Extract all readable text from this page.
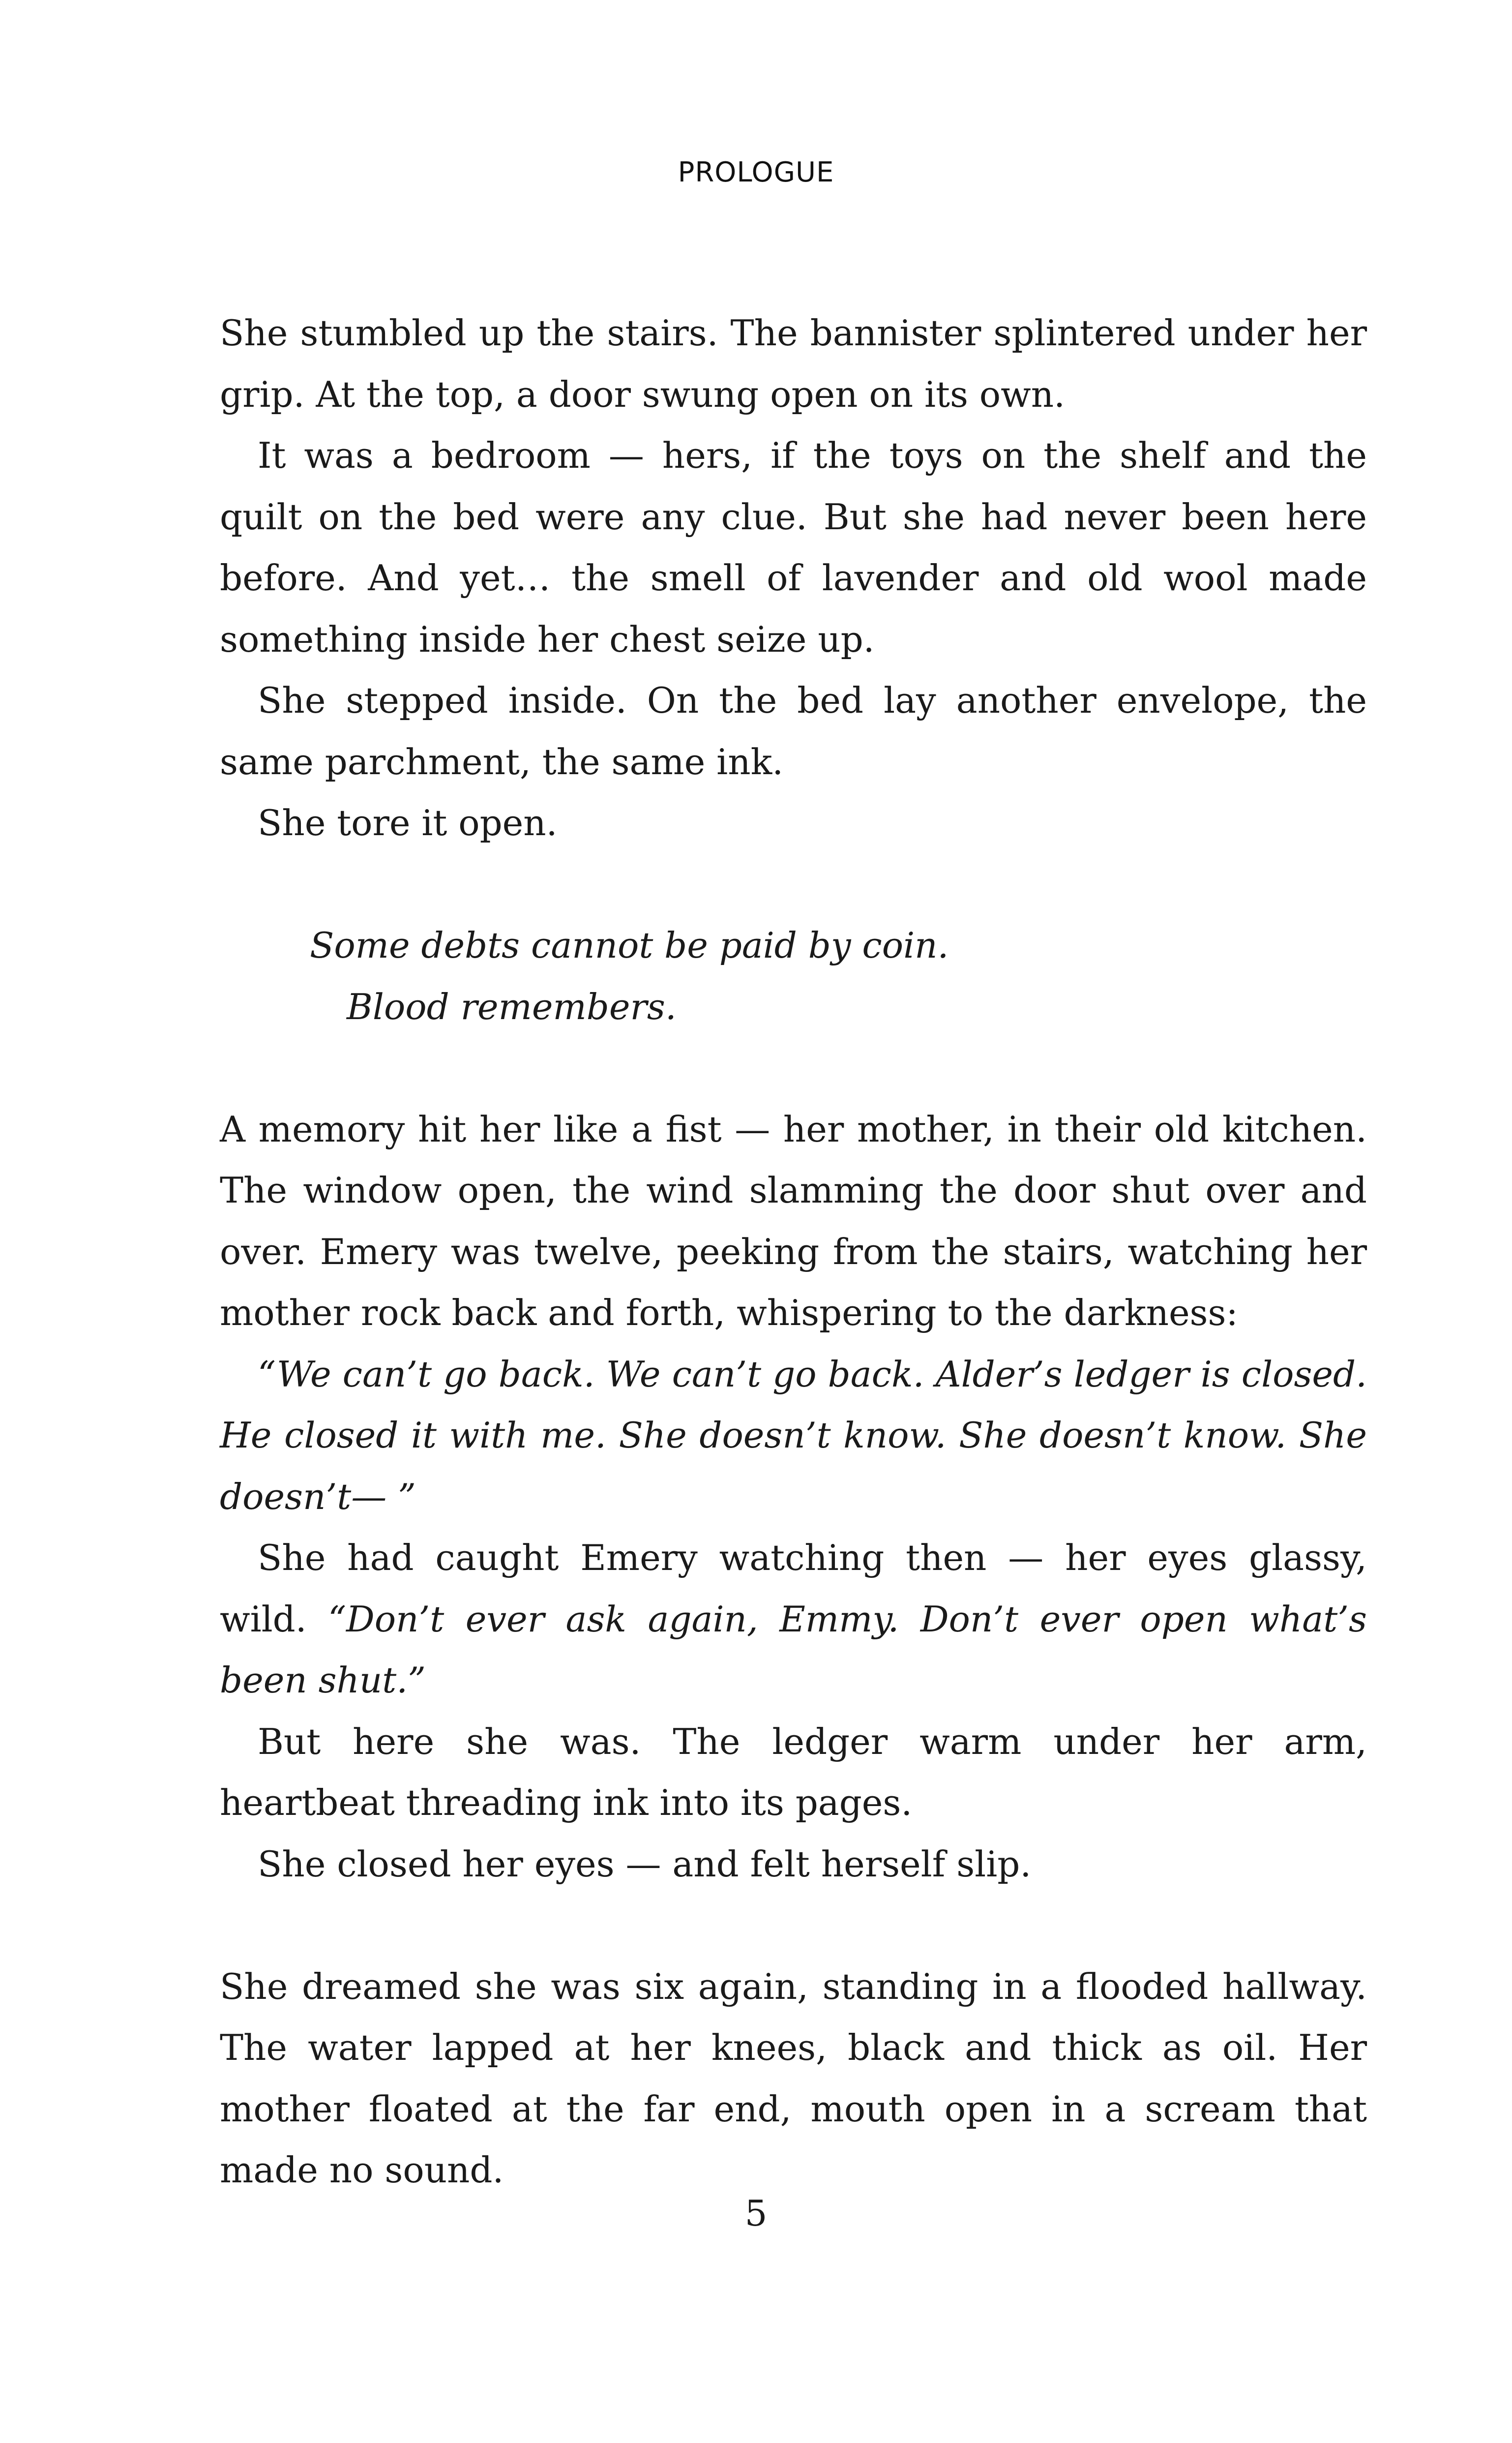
PROLOGUE

She stumbled up the stairs. The bannister splintered under her grip. At the top, a door swung open on its own.

It was a bedroom — hers, if the toys on the shelf and the quilt on the bed were any clue. But she had never been here before. And yet… the smell of lavender and old wool made something inside her chest seize up.

She stepped inside. On the bed lay another envelope, the same parchment, the same ink.

She tore it open.

Some debts cannot be paid by coin.
Blood remembers.

A memory hit her like a fist — her mother, in their old kitchen. The window open, the wind slamming the door shut over and over. Emery was twelve, peeking from the stairs, watching her mother rock back and forth, whispering to the darkness:

“We can’t go back. We can’t go back. Alder’s ledger is closed. He closed it with me. She doesn’t know. She doesn’t know. She doesn’t— ”

She had caught Emery watching then — her eyes glassy, wild. “Don’t ever ask again, Emmy. Don’t ever open what’s been shut.”

But here she was. The ledger warm under her arm, heartbeat threading ink into its pages.

She closed her eyes — and felt herself slip.

She dreamed she was six again, standing in a flooded hallway. The water lapped at her knees, black and thick as oil. Her mother floated at the far end, mouth open in a scream that made no sound.

5
